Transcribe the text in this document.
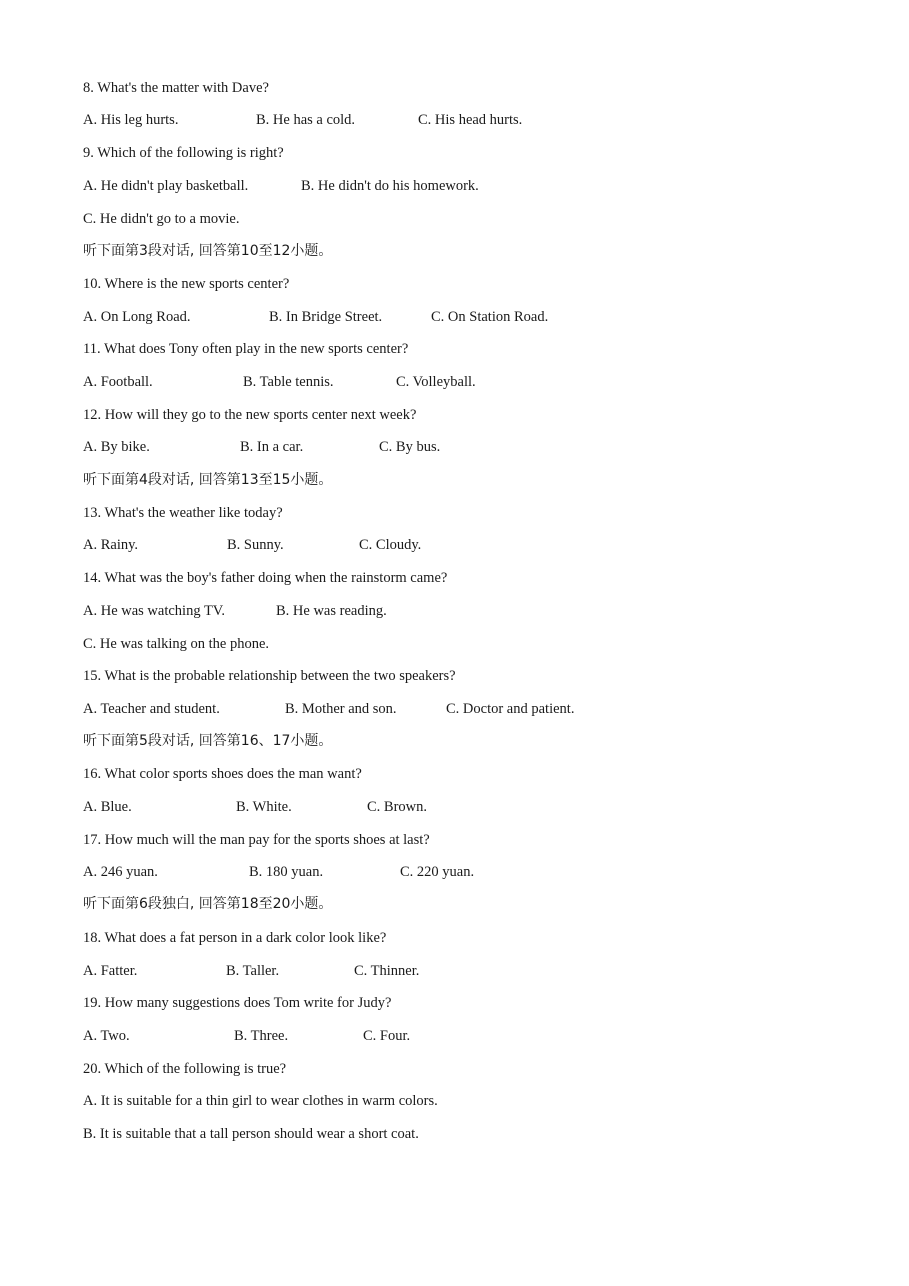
8. What's the matter with Dave?
A. His leg hurts.	B. He has a cold.	C. His head hurts.
9. Which of the following is right?
A. He didn't play basketball.	B. He didn't do his homework.
C. He didn't go to a movie.
听下面第3段对话, 回答第10至12小题。
10. Where is the new sports center?
A. On Long Road.	B. In Bridge Street.	C. On Station Road.
11. What does Tony often play in the new sports center?
A. Football.	B. Table tennis.	C. Volleyball.
12. How will they go to the new sports center next week?
A. By bike.	B. In a car.	C. By bus.
听下面第4段对话, 回答第13至15小题。
13. What's the weather like today?
A. Rainy.	B. Sunny.	C. Cloudy.
14. What was the boy's father doing when the rainstorm came?
A. He was watching TV.	B. He was reading.
C. He was talking on the phone.
15. What is the probable relationship between the two speakers?
A. Teacher and student.	B. Mother and son.	C. Doctor and patient.
听下面第5段对话, 回答第16、17小题。
16. What color sports shoes does the man want?
A. Blue.	B. White.	C. Brown.
17. How much will the man pay for the sports shoes at last?
A. 246 yuan.	B. 180 yuan.	C. 220 yuan.
听下面第6段独白, 回答第18至20小题。
18. What does a fat person in a dark color look like?
A. Fatter.	B. Taller.	C. Thinner.
19. How many suggestions does Tom write for Judy?
A. Two.	B. Three.	C. Four.
20. Which of the following is true?
A. It is suitable for a thin girl to wear clothes in warm colors.
B. It is suitable that a tall person should wear a short coat.
